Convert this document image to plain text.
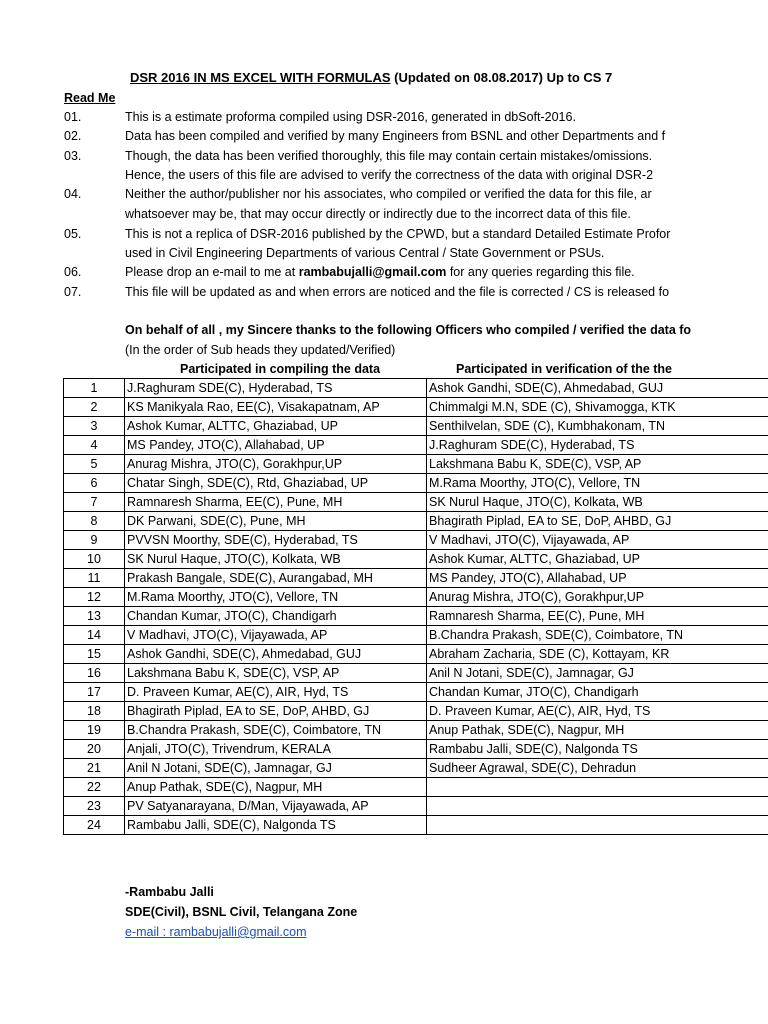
DSR 2016 IN MS EXCEL WITH FORMULAS (Updated on 08.08.2017) Up to CS 7
Read Me
01.	This is a estimate proforma compiled using DSR-2016, generated in dbSoft-2016.
02.	Data has been compiled and verified by many Engineers from BSNL and other Departments and f
03.	Though, the data has been verified thoroughly, this file may contain certain mistakes/omissions.
Hence, the users of this file are advised to verify the correctness of the data with original DSR-2
04.	Neither the author/publisher nor his associates, who compiled or verified the data for this file, ar
whatsoever may be, that may occur directly or indirectly due to the incorrect data of this file.
05.	This is not a replica of DSR-2016 published by the CPWD, but a standard Detailed Estimate Profor
used in Civil Engineering Departments of various Central / State Government or PSUs.
06.	Please drop an e-mail to me at rambabujalli@gmail.com for any queries regarding this file.
07.	This file will be updated as and when errors are noticed and the file is corrected / CS is released fo
On behalf of all , my Sincere thanks to the following Officers who compiled / verified the data fo
(In the order of Sub heads they updated/Verified)
Participated in compiling the data	Participated in verification of the the
1	J.Raghuram SDE(C), Hyderabad, TS	Ashok Gandhi, SDE(C), Ahmedabad, GUJ
2	KS Manikyala Rao, EE(C), Visakapatnam, AP	Chimmalgi M.N, SDE (C), Shivamogga, KTK
3	Ashok Kumar, ALTTC, Ghaziabad, UP	Senthilvelan, SDE (C), Kumbhakonam, TN
4	MS Pandey, JTO(C), Allahabad, UP	J.Raghuram SDE(C), Hyderabad, TS
5	Anurag Mishra, JTO(C), Gorakhpur,UP	Lakshmana Babu K, SDE(C), VSP, AP
6	Chatar Singh, SDE(C), Rtd, Ghaziabad, UP	M.Rama Moorthy, JTO(C), Vellore, TN
7	Ramnaresh Sharma, EE(C), Pune, MH	SK Nurul Haque, JTO(C), Kolkata, WB
8	DK Parwani, SDE(C), Pune, MH	Bhagirath Piplad, EA to SE, DoP, AHBD, GJ
9	PVVSN Moorthy, SDE(C), Hyderabad, TS	V Madhavi, JTO(C), Vijayawada, AP
10	SK Nurul Haque, JTO(C), Kolkata, WB	Ashok Kumar, ALTTC, Ghaziabad, UP
11	Prakash Bangale, SDE(C), Aurangabad, MH	MS Pandey, JTO(C), Allahabad, UP
12	M.Rama Moorthy, JTO(C), Vellore, TN	Anurag Mishra, JTO(C), Gorakhpur,UP
13	Chandan Kumar, JTO(C), Chandigarh	Ramnaresh Sharma, EE(C), Pune, MH
14	V Madhavi, JTO(C), Vijayawada, AP	B.Chandra Prakash, SDE(C), Coimbatore, TN
15	Ashok Gandhi, SDE(C), Ahmedabad, GUJ	Abraham Zacharia, SDE (C), Kottayam, KR
16	Lakshmana Babu K, SDE(C), VSP, AP	Anil N Jotani, SDE(C), Jamnagar, GJ
17	D. Praveen Kumar, AE(C), AIR, Hyd, TS	Chandan Kumar, JTO(C), Chandigarh
18	Bhagirath Piplad, EA to SE, DoP, AHBD, GJ	D. Praveen Kumar, AE(C), AIR, Hyd, TS
19	B.Chandra Prakash, SDE(C), Coimbatore, TN	Anup Pathak, SDE(C), Nagpur, MH
20	Anjali, JTO(C), Trivendrum, KERALA	Rambabu Jalli, SDE(C), Nalgonda TS
21	Anil N Jotani, SDE(C), Jamnagar, GJ	Sudheer Agrawal, SDE(C), Dehradun
22	Anup Pathak, SDE(C), Nagpur, MH	
23	PV Satyanarayana, D/Man, Vijayawada, AP	
24	Rambabu Jalli, SDE(C), Nalgonda TS	
-Rambabu Jalli
SDE(Civil), BSNL Civil, Telangana Zone
e-mail : rambabujalli@gmail.com
